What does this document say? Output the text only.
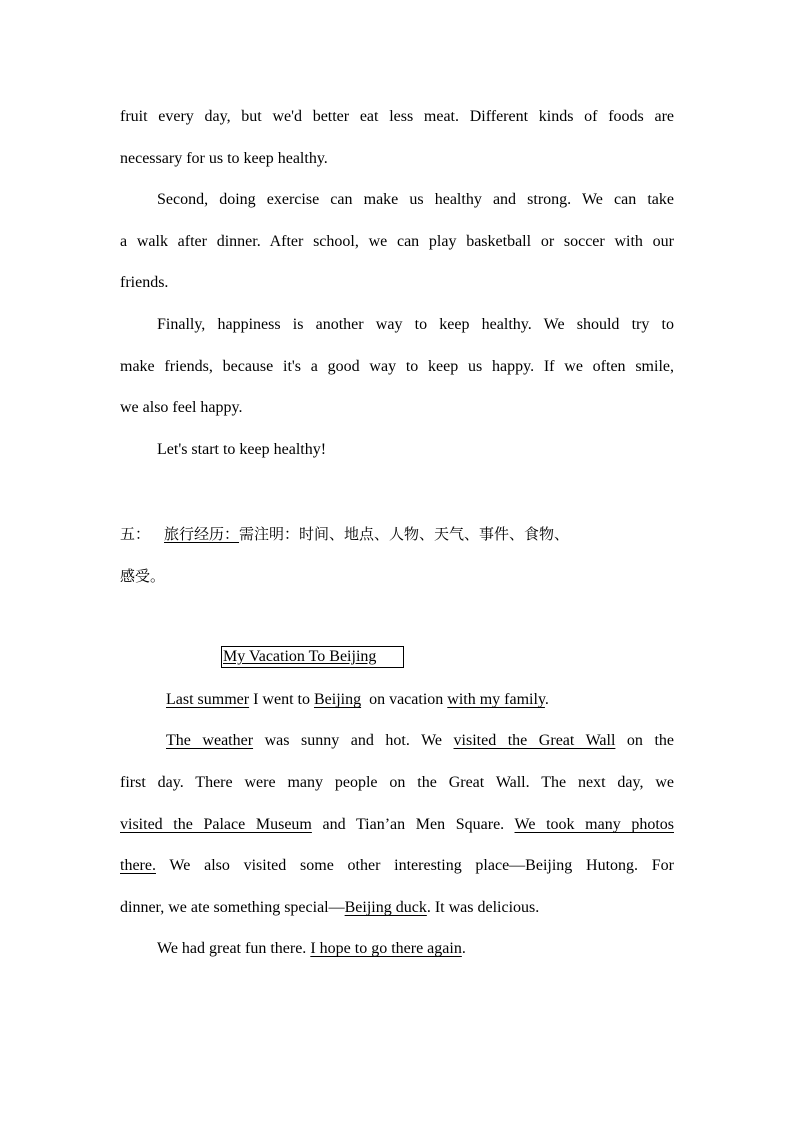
fruit every day, but we'd better eat less meat. Different kinds of foods are
necessary for us to keep healthy.
Second, doing exercise can make us healthy and strong. We can take
a walk after dinner. After school, we can play basketball or soccer with our
friends.
Finally, happiness is another way to keep healthy. We should try to
make friends, because it's a good way to keep us happy. If we often smile,
we also feel happy.
Let's start to keep healthy!
五： 旅行经历：需注明：时间、地点、人物、天气、事件、食物、
感受。
My Vacation To Beijing
Last summer I went to Beijing  on vacation with my family.
The weather was sunny and hot. We visited the Great Wall on the
first day. There were many people on the Great Wall. The next day, we
visited the Palace Museum and Tian’an Men Square. We took many photos
there. We also visited some other interesting place—Beijing Hutong. For
dinner, we ate something special—Beijing duck. It was delicious.
We had great fun there. I hope to go there again.
